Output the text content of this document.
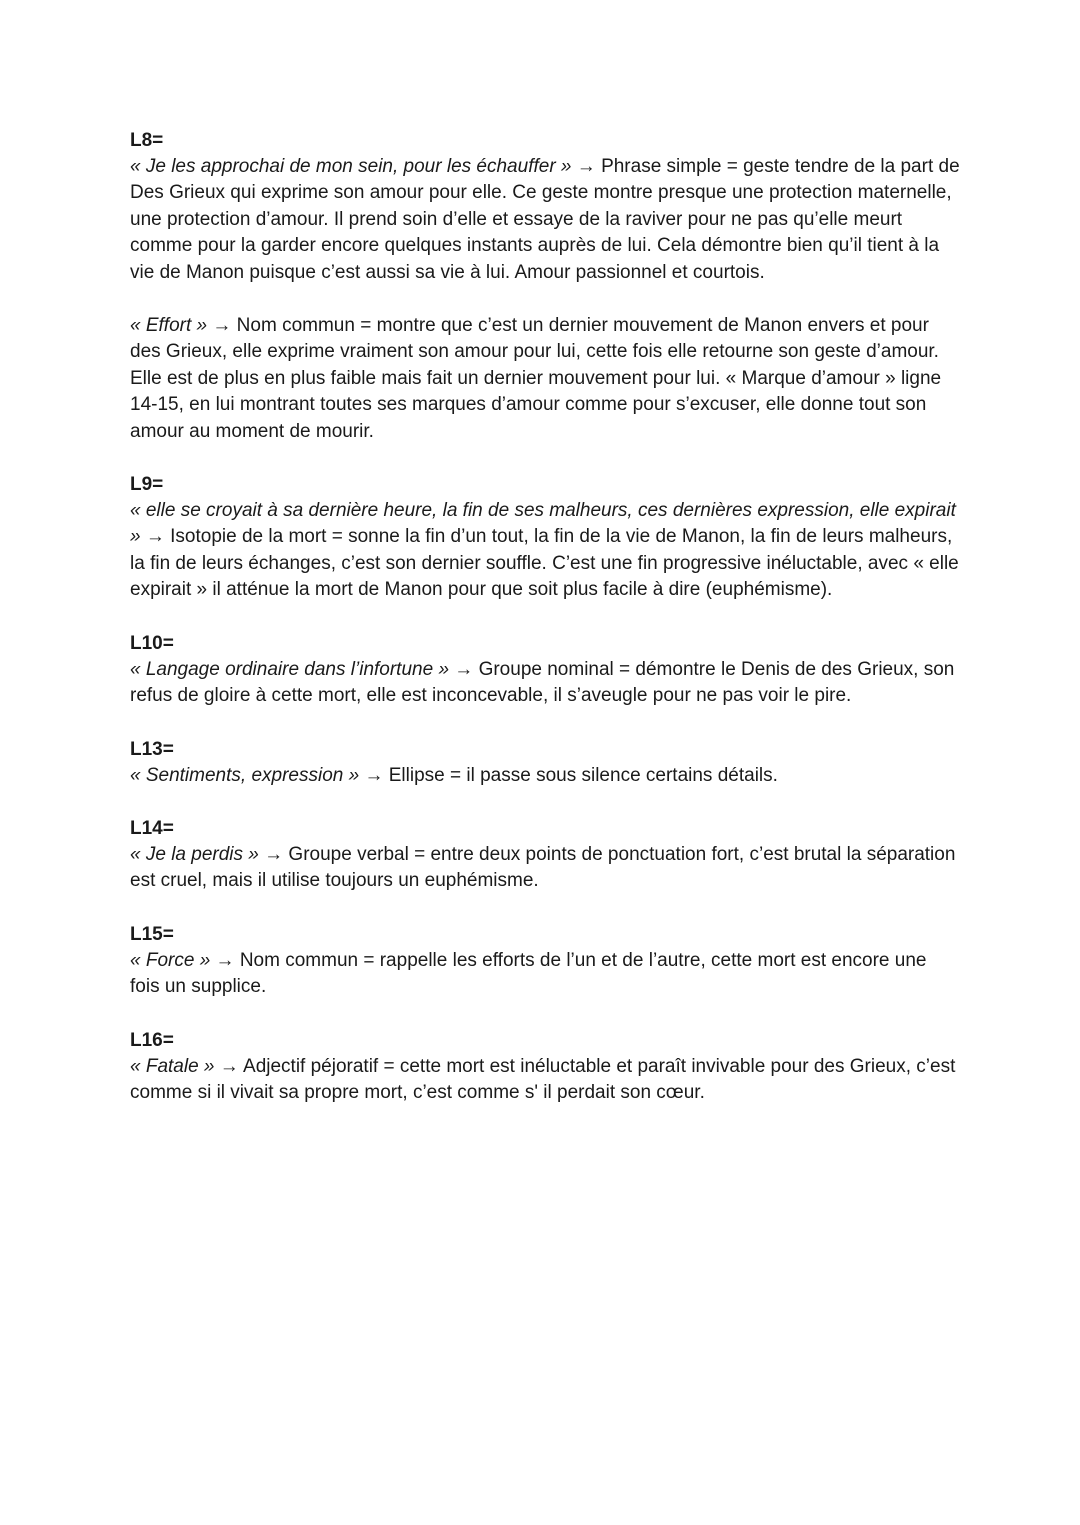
L8=

« Je les approchai de mon sein, pour les échauffer » → Phrase simple = geste tendre de la part de Des Grieux qui exprime son amour pour elle. Ce geste montre presque une protection maternelle, une protection d’amour. Il prend soin d’elle et essaye de la raviver pour ne pas qu’elle meurt comme pour la garder encore quelques instants auprès de lui. Cela démontre bien qu’il tient à la vie de Manon puisque c’est aussi sa vie à lui. Amour passionnel et courtois.

« Effort » → Nom commun = montre que c’est un dernier mouvement de Manon envers et pour des Grieux, elle exprime vraiment son amour pour lui, cette fois elle retourne son geste d’amour. Elle est de plus en plus faible mais fait un dernier mouvement pour lui. « Marque d’amour » ligne 14-15, en lui montrant toutes ses marques d’amour comme pour s’excuser, elle donne tout son amour au moment de mourir.

L9=

« elle se croyait à sa dernière heure, la fin de ses malheurs, ces dernières expression, elle expirait » → Isotopie de la mort = sonne la fin d’un tout, la fin de la vie de Manon, la fin de leurs malheurs, la fin de leurs échanges, c’est son dernier souffle. C’est une fin progressive inéluctable, avec « elle expirait » il atténue la mort de Manon pour que soit plus facile à dire (euphémisme).

L10=

« Langage ordinaire dans l’infortune » → Groupe nominal = démontre le Denis de des Grieux, son refus de gloire à cette mort, elle est inconcevable, il s’aveugle pour ne pas voir le pire.

L13=

« Sentiments, expression » → Ellipse = il passe sous silence certains détails.

L14=

« Je la perdis » → Groupe verbal = entre deux points de ponctuation fort, c’est brutal la séparation est cruel, mais il utilise toujours un euphémisme.

L15=

« Force » → Nom commun = rappelle les efforts de l’un et de l’autre, cette mort est encore une fois un supplice.

L16=

« Fatale » → Adjectif péjoratif = cette mort est inéluctable et paraît invivable pour des Grieux, c’est comme si il vivait sa propre mort, c’est comme s' il perdait son cœur.
